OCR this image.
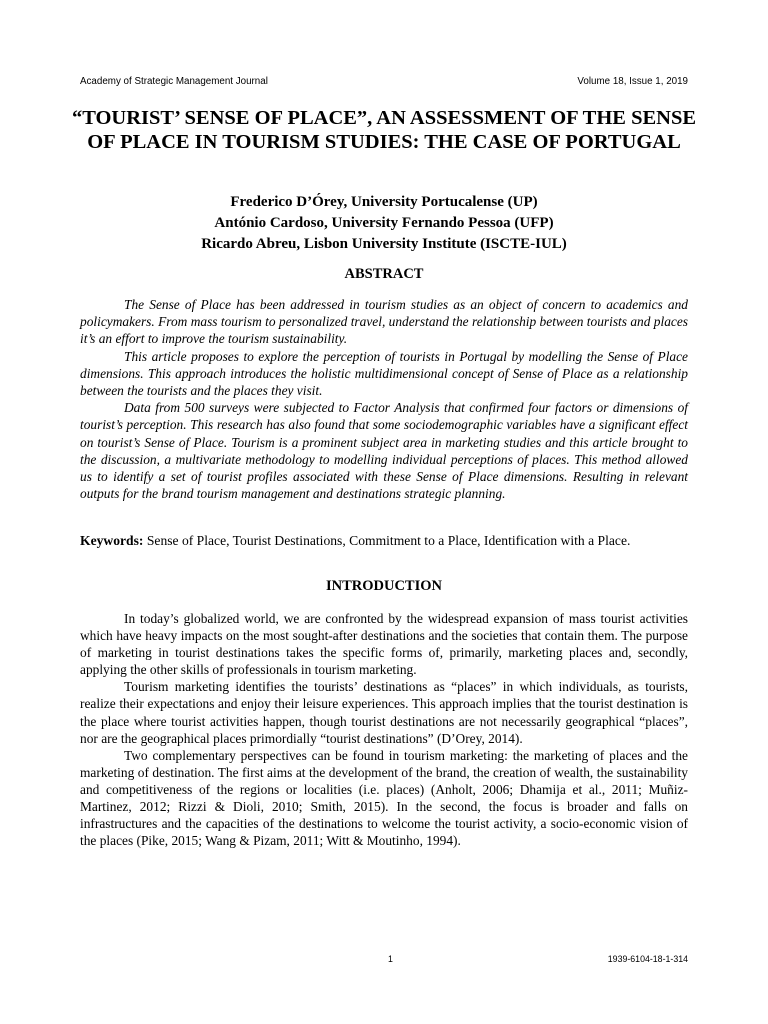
Academy of Strategic Management Journal	Volume 18, Issue 1, 2019
“TOURIST’ SENSE OF PLACE”, AN ASSESSMENT OF THE SENSE OF PLACE IN TOURISM STUDIES: THE CASE OF PORTUGAL
Frederico D’Órey, University Portucalense (UP)
António Cardoso, University Fernando Pessoa (UFP)
Ricardo Abreu, Lisbon University Institute (ISCTE-IUL)
ABSTRACT

The Sense of Place has been addressed in tourism studies as an object of concern to academics and policymakers. From mass tourism to personalized travel, understand the relationship between tourists and places it’s an effort to improve the tourism sustainability.

This article proposes to explore the perception of tourists in Portugal by modelling the Sense of Place dimensions. This approach introduces the holistic multidimensional concept of Sense of Place as a relationship between the tourists and the places they visit.

Data from 500 surveys were subjected to Factor Analysis that confirmed four factors or dimensions of tourist’s perception. This research has also found that some sociodemographic variables have a significant effect on tourist’s Sense of Place. Tourism is a prominent subject area in marketing studies and this article brought to the discussion, a multivariate methodology to modelling individual perceptions of places. This method allowed us to identify a set of tourist profiles associated with these Sense of Place dimensions. Resulting in relevant outputs for the brand tourism management and destinations strategic planning.

Keywords: Sense of Place, Tourist Destinations, Commitment to a Place, Identification with a Place.
INTRODUCTION

In today’s globalized world, we are confronted by the widespread expansion of mass tourist activities which have heavy impacts on the most sought-after destinations and the societies that contain them. The purpose of marketing in tourist destinations takes the specific forms of, primarily, marketing places and, secondly, applying the other skills of professionals in tourism marketing.

Tourism marketing identifies the tourists’ destinations as “places” in which individuals, as tourists, realize their expectations and enjoy their leisure experiences. This approach implies that the tourist destination is the place where tourist activities happen, though tourist destinations are not necessarily geographical “places”, nor are the geographical places primordially “tourist destinations” (D’Orey, 2014).

Two complementary perspectives can be found in tourism marketing: the marketing of places and the marketing of destination. The first aims at the development of the brand, the creation of wealth, the sustainability and competitiveness of the regions or localities (i.e. places) (Anholt, 2006; Dhamija et al., 2011; Muñiz-Martinez, 2012; Rizzi & Dioli, 2010; Smith, 2015). In the second, the focus is broader and falls on infrastructures and the capacities of the destinations to welcome the tourist activity, a socio-economic vision of the places (Pike, 2015; Wang & Pizam, 2011; Witt & Moutinho, 1994).

1	1939-6104-18-1-314
